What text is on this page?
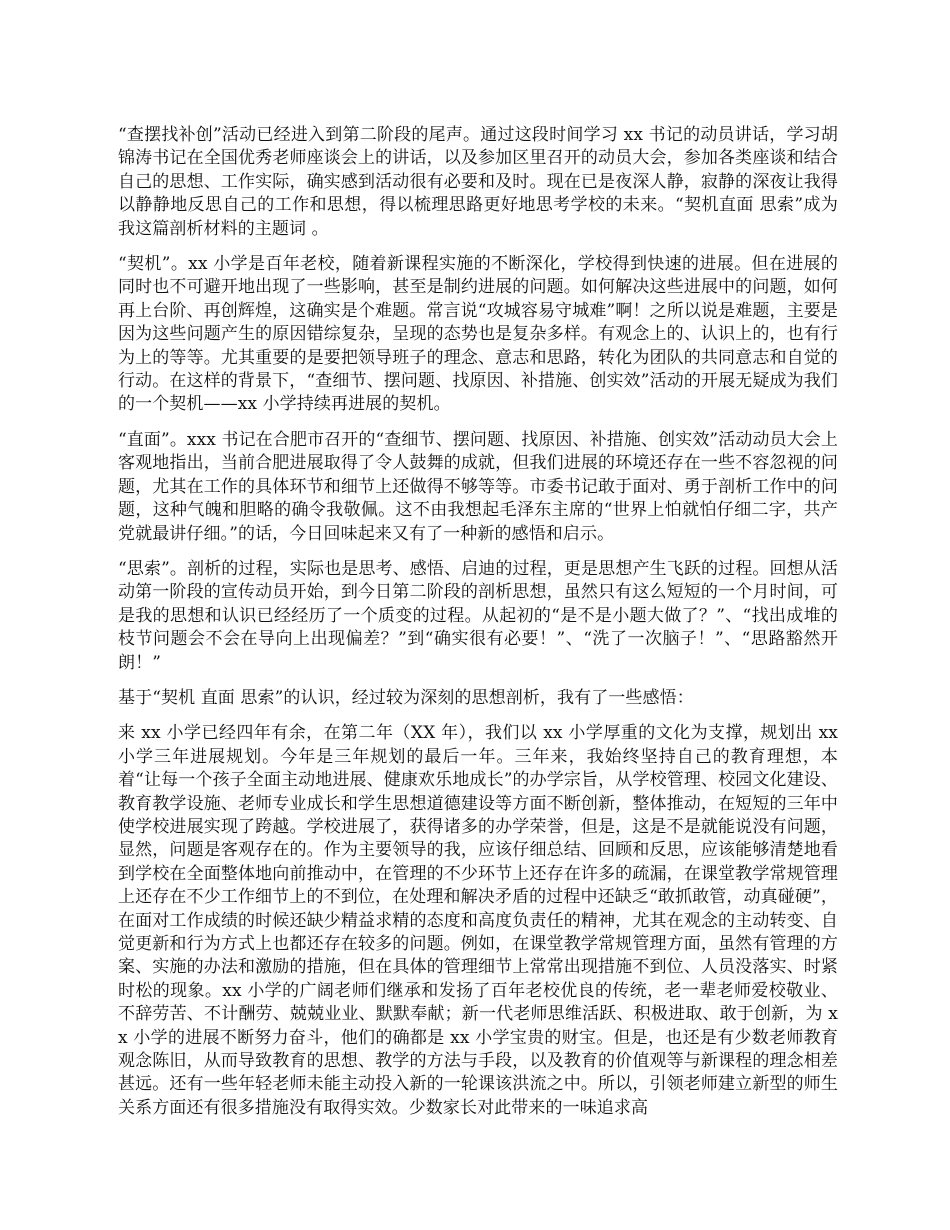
“查摆找补创”活动已经进入到第二阶段的尾声。通过这段时间学习 xx 书记的动员讲话，学习胡锦涛书记在全国优秀老师座谈会上的讲话，以及参加区里召开的动员大会，参加各类座谈和结合自己的思想、工作实际，确实感到活动很有必要和及时。现在已是夜深人静，寂静的深夜让我得以静静地反思自己的工作和思想，得以梳理思路更好地思考学校的未来。“契机直面 思索”成为我这篇剖析材料的主题词 。

“契机”。xx 小学是百年老校，随着新课程实施的不断深化，学校得到快速的进展。但在进展的同时也不可避开地出现了一些影响，甚至是制约进展的问题。如何解决这些进展中的问题，如何再上台阶、再创辉煌，这确实是个难题。常言说“攻城容易守城难”啊！之所以说是难题，主要是因为这些问题产生的原因错综复杂，呈现的态势也是复杂多样。有观念上的、认识上的，也有行为上的等等。尤其重要的是要把领导班子的理念、意志和思路，转化为团队的共同意志和自觉的行动。在这样的背景下，“查细节、摆问题、找原因、补措施、创实效”活动的开展无疑成为我们的一个契机——xx 小学持续再进展的契机。

“直面”。xxx 书记在合肥市召开的“查细节、摆问题、找原因、补措施、创实效”活动动员大会上客观地指出，当前合肥进展取得了令人鼓舞的成就，但我们进展的环境还存在一些不容忽视的问题，尤其在工作的具体环节和细节上还做得不够等等。市委书记敢于面对、勇于剖析工作中的问题，这种气魄和胆略的确令我敬佩。这不由我想起毛泽东主席的“世界上怕就怕仔细二字，共产党就最讲仔细。”的话，今日回味起来又有了一种新的感悟和启示。

“思索”。剖析的过程，实际也是思考、感悟、启迪的过程，更是思想产生飞跃的过程。回想从活动第一阶段的宣传动员开始，到今日第二阶段的剖析思想，虽然只有这么短短的一个月时间，可是我的思想和认识已经经历了一个质变的过程。从起初的“是不是小题大做了？”、“找出成堆的枝节问题会不会在导向上出现偏差？”到“确实很有必要！”、“洗了一次脑子！”、“思路豁然开朗！”

基于“契机 直面 思索”的认识，经过较为深刻的思想剖析，我有了一些感悟：

来 xx 小学已经四年有余，在第二年（XX 年），我们以 xx 小学厚重的文化为支撑，规划出 xx 小学三年进展规划。今年是三年规划的最后一年。三年来，我始终坚持自己的教育理想，本着“让每一个孩子全面主动地进展、健康欢乐地成长”的办学宗旨，从学校管理、校园文化建设、教育教学设施、老师专业成长和学生思想道德建设等方面不断创新，整体推动，在短短的三年中使学校进展实现了跨越。学校进展了，获得诸多的办学荣誉，但是，这是不是就能说没有问题，显然，问题是客观存在的。作为主要领导的我，应该仔细总结、回顾和反思，应该能够清楚地看到学校在全面整体地向前推动中，在管理的不少环节上还存在许多的疏漏，在课堂教学常规管理上还存在不少工作细节上的不到位，在处理和解决矛盾的过程中还缺乏“敢抓敢管，动真碰硬”，在面对工作成绩的时候还缺少精益求精的态度和高度负责任的精神，尤其在观念的主动转变、自觉更新和行为方式上也都还存在较多的问题。例如，在课堂教学常规管理方面，虽然有管理的方案、实施的办法和激励的措施，但在具体的管理细节上常常出现措施不到位、人员没落实、时紧时松的现象。xx 小学的广阔老师们继承和发扬了百年老校优良的传统，老一辈老师爱校敬业、不辞劳苦、不计酬劳、兢兢业业、默默奉献；新一代老师思维活跃、积极进取、敢于创新，为 xx 小学的进展不断努力奋斗，他们的确都是 xx 小学宝贵的财宝。但是，也还是有少数老师教育观念陈旧，从而导致教育的思想、教学的方法与手段，以及教育的价值观等与新课程的理念相差甚远。还有一些年轻老师未能主动投入新的一轮课该洪流之中。所以，引领老师建立新型的师生关系方面还有很多措施没有取得实效。少数家长对此带来的一味追求高
